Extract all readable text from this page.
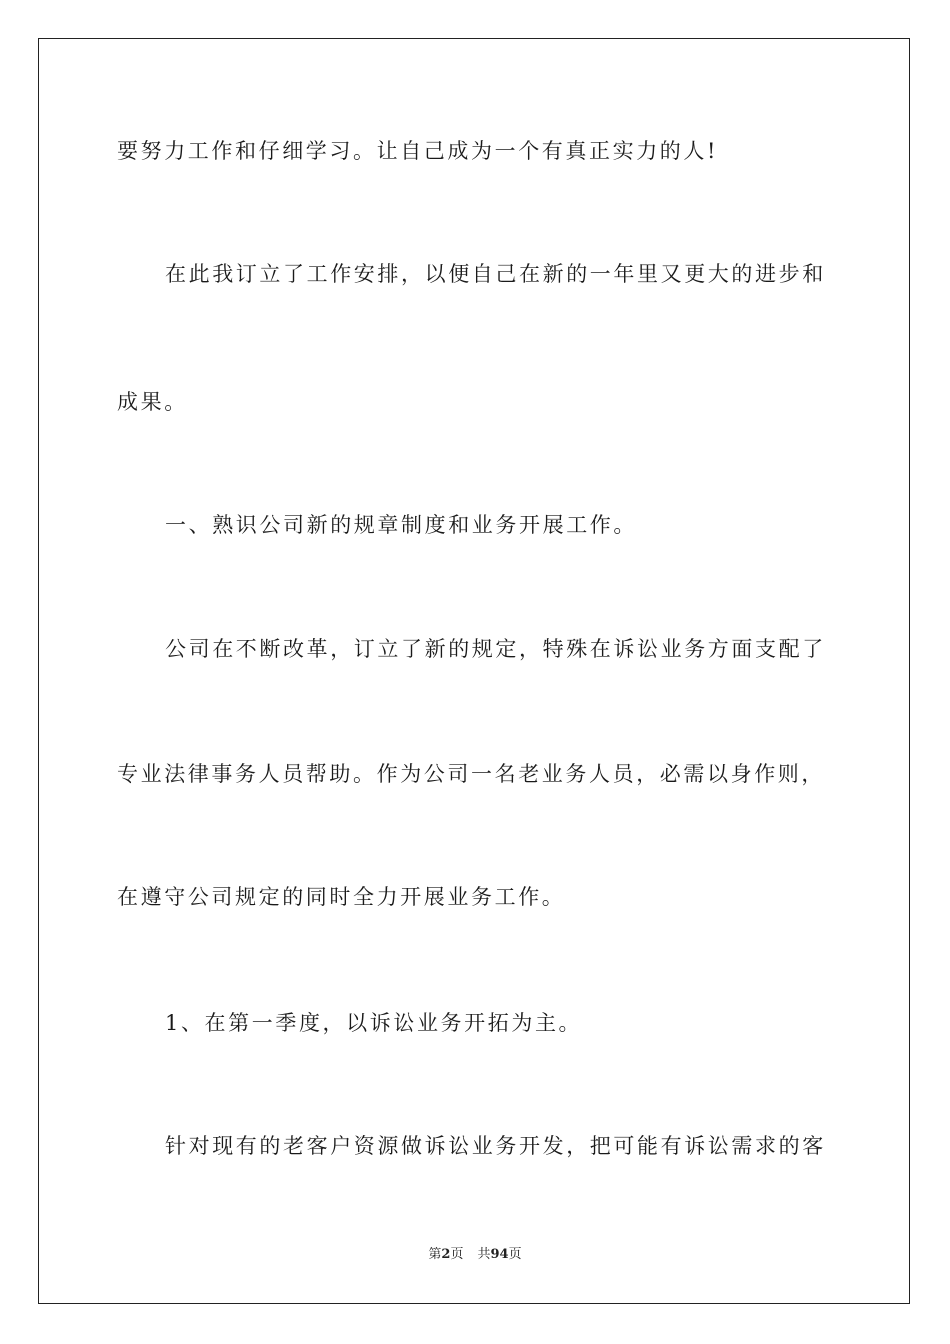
要努力工作和仔细学习。让自己成为一个有真正实力的人!
在此我订立了工作安排，以便自己在新的一年里又更大的进步和
成果。
一、熟识公司新的规章制度和业务开展工作。
公司在不断改革，订立了新的规定，特殊在诉讼业务方面支配了
专业法律事务人员帮助。作为公司一名老业务人员，必需以身作则，
在遵守公司规定的同时全力开展业务工作。
1、在第一季度，以诉讼业务开拓为主。
针对现有的老客户资源做诉讼业务开发，把可能有诉讼需求的客
第2页 共94页
